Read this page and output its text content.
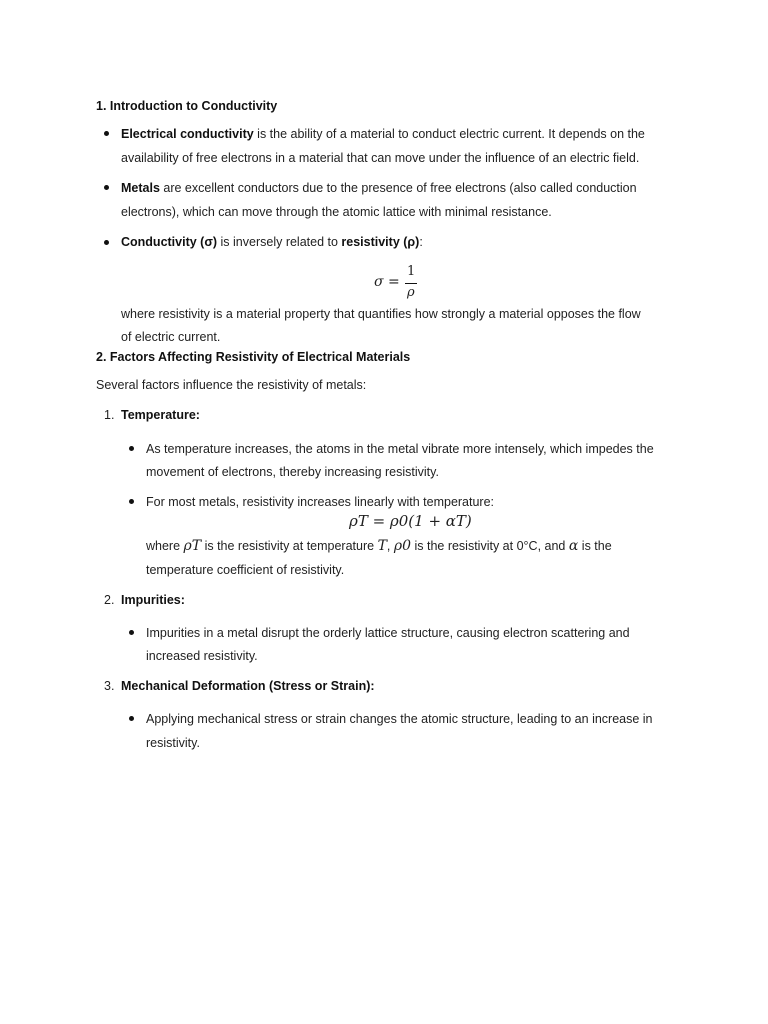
1. Introduction to Conductivity
Electrical conductivity is the ability of a material to conduct electric current. It depends on the
availability of free electrons in a material that can move under the influence of an electric field.
Metals are excellent conductors due to the presence of free electrons (also called conduction
electrons), which can move through the atomic lattice with minimal resistance.
Conductivity (σ) is inversely related to resistivity (ρ):
σ =
1
ρ
where resistivity is a material property that quantifies how strongly a material opposes the flow
of electric current.
2. Factors Affecting Resistivity of Electrical Materials
Several factors influence the resistivity of metals:
1. Temperature:
As temperature increases, the atoms in the metal vibrate more intensely, which impedes the
movement of electrons, thereby increasing resistivity.
For most metals, resistivity increases linearly with temperature:
ρT = ρ0(1 + αT)
where ρT is the resistivity at temperature T, ρ0 is the resistivity at 0°C, and α is the
temperature coefficient of resistivity.
2. Impurities:
Impurities in a metal disrupt the orderly lattice structure, causing electron scattering and
increased resistivity.
3. Mechanical Deformation (Stress or Strain):
Applying mechanical stress or strain changes the atomic structure, leading to an increase in
resistivity.
